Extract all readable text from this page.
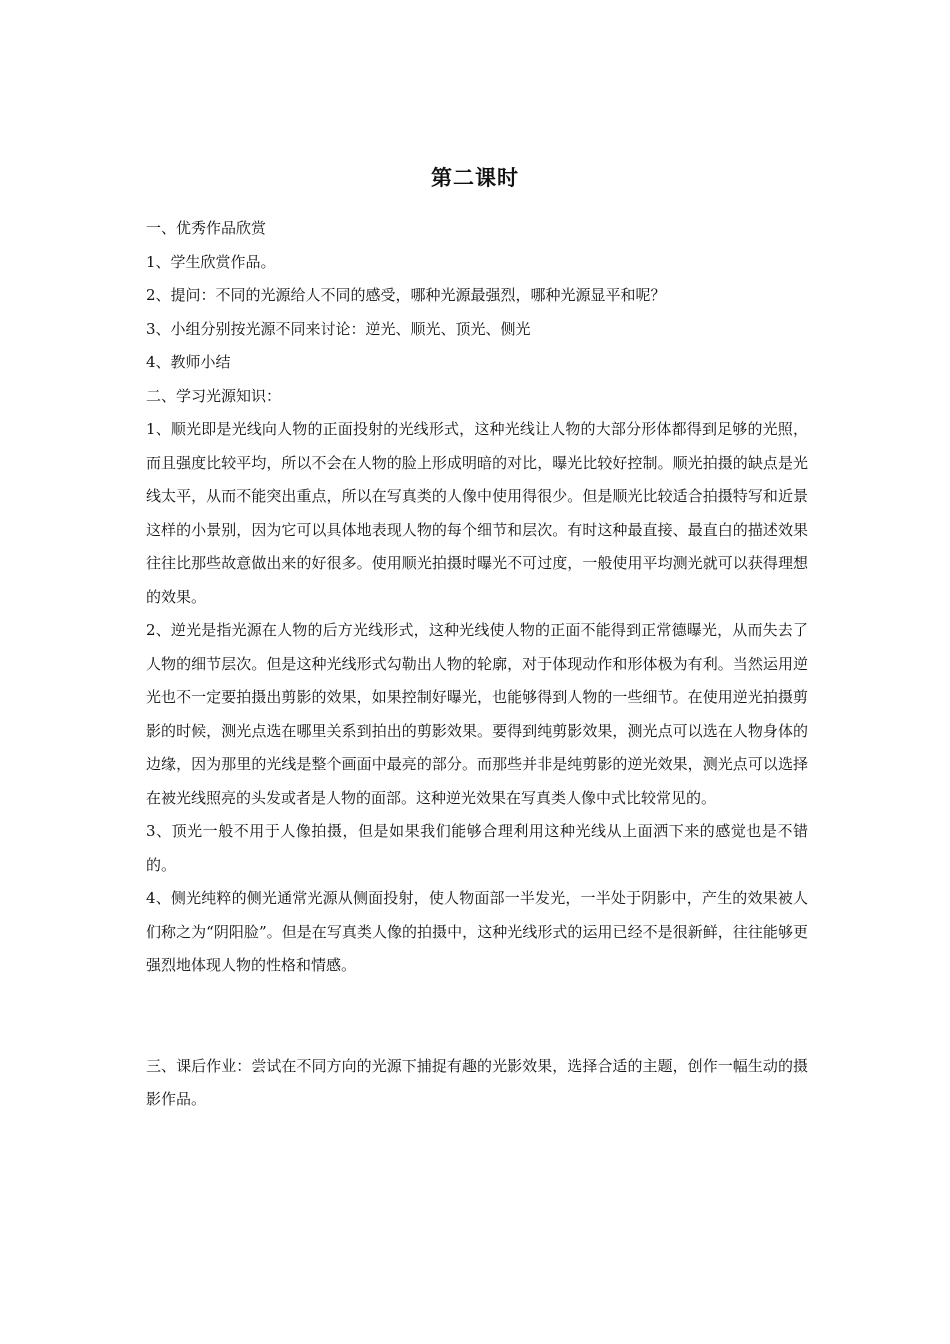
第二课时

一、优秀作品欣赏

1、学生欣赏作品。

2、提问：不同的光源给人不同的感受，哪种光源最强烈，哪种光源显平和呢？

3、小组分别按光源不同来讨论：逆光、顺光、顶光、侧光

4、教师小结

二、学习光源知识：

1、顺光即是光线向人物的正面投射的光线形式，这种光线让人物的大部分形体都得到足够的光照，而且强度比较平均，所以不会在人物的脸上形成明暗的对比，曝光比较好控制。顺光拍摄的缺点是光线太平，从而不能突出重点，所以在写真类的人像中使用得很少。但是顺光比较适合拍摄特写和近景这样的小景别，因为它可以具体地表现人物的每个细节和层次。有时这种最直接、最直白的描述效果往往比那些故意做出来的好很多。使用顺光拍摄时曝光不可过度，一般使用平均测光就可以获得理想的效果。

2、逆光是指光源在人物的后方光线形式，这种光线使人物的正面不能得到正常德曝光，从而失去了人物的细节层次。但是这种光线形式勾勒出人物的轮廓，对于体现动作和形体极为有利。当然运用逆光也不一定要拍摄出剪影的效果，如果控制好曝光，也能够得到人物的一些细节。在使用逆光拍摄剪影的时候，测光点选在哪里关系到拍出的剪影效果。要得到纯剪影效果，测光点可以选在人物身体的边缘，因为那里的光线是整个画面中最亮的部分。而那些并非是纯剪影的逆光效果，测光点可以选择在被光线照亮的头发或者是人物的面部。这种逆光效果在写真类人像中式比较常见的。

3、顶光一般不用于人像拍摄，但是如果我们能够合理利用这种光线从上面洒下来的感觉也是不错的。

4、侧光纯粹的侧光通常光源从侧面投射，使人物面部一半发光，一半处于阴影中，产生的效果被人们称之为“阴阳脸”。但是在写真类人像的拍摄中，这种光线形式的运用已经不是很新鲜，往往能够更强烈地体现人物的性格和情感。

三、课后作业：尝试在不同方向的光源下捕捉有趣的光影效果，选择合适的主题，创作一幅生动的摄影作品。
